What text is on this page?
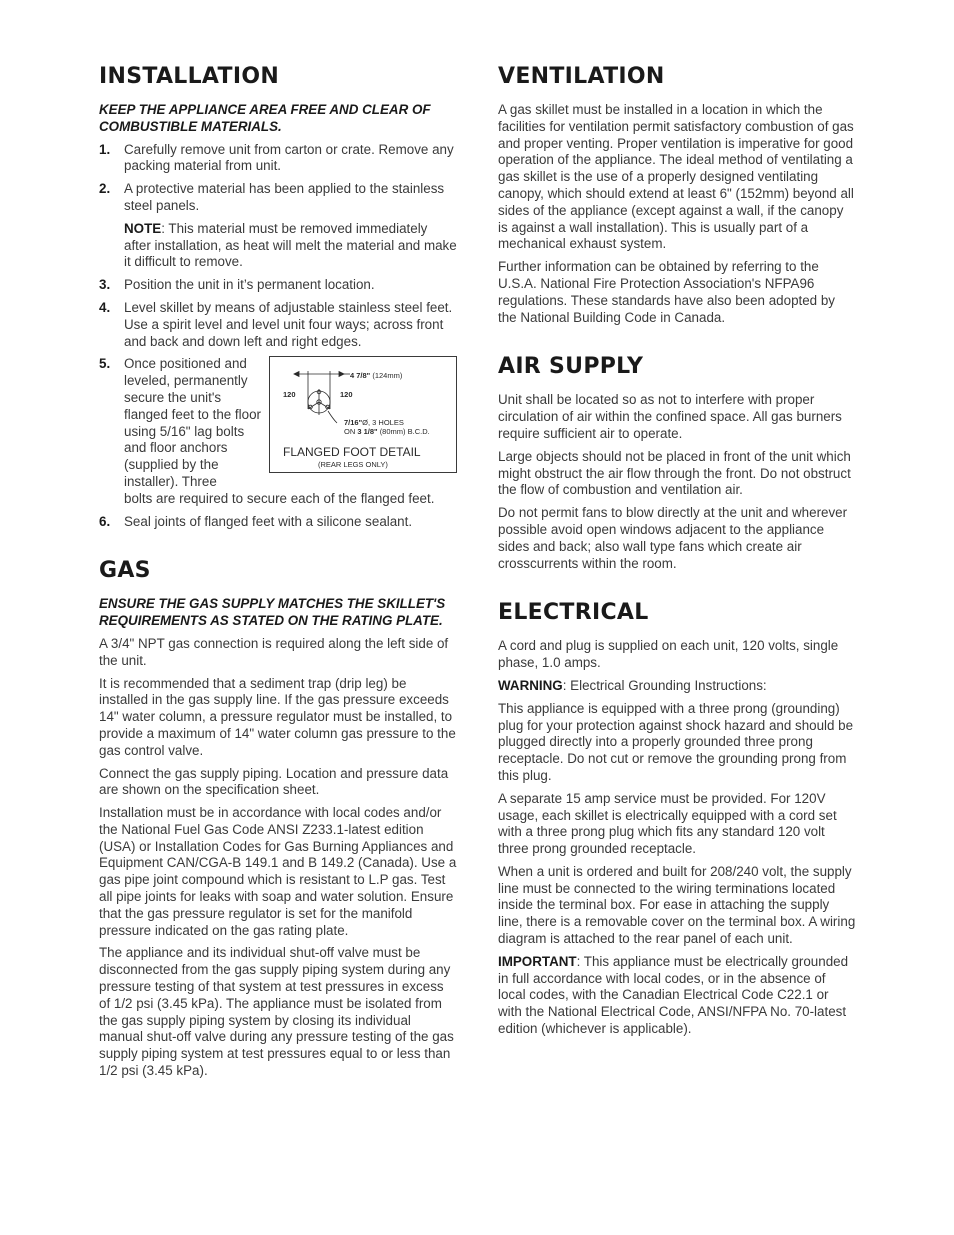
INSTALLATION

KEEP THE APPLIANCE AREA FREE AND CLEAR OF COMBUSTIBLE MATERIALS.

1. Carefully remove unit from carton or crate. Remove any packing material from unit.
2. A protective material has been applied to the stainless steel panels.
NOTE: This material must be removed immediately after installation, as heat will melt the material and make it difficult to remove.
3. Position the unit in it’s permanent location.
4. Level skillet by means of adjustable stainless steel feet. Use a spirit level and level unit four ways; across front and back and down left and right edges.
5.
4 7/8" (124mm)
120	120
7/16"Ø, 3 HOLES
ON 3 1/8" (80mm) B.C.D.
FLANGED FOOT DETAIL
(REAR LEGS ONLY)
Once positioned and leveled, permanently secure the unit's flanged feet to the floor using 5/16" lag bolts and floor anchors (supplied by the installer). Three
bolts are required to secure each of the flanged feet.
6. Seal joints of flanged feet with a silicone sealant.
GAS

ENSURE THE GAS SUPPLY MATCHES THE SKILLET'S REQUIREMENTS AS STATED ON THE RATING PLATE.

A 3/4" NPT gas connection is required along the left side of the unit.

It is recommended that a sediment trap (drip leg) be installed in the gas supply line. If the gas pressure exceeds 14" water column, a pressure regulator must be installed, to provide a maximum of 14" water column gas pressure to the gas control valve.

Connect the gas supply piping. Location and pressure data are shown on the specification sheet.

Installation must be in accordance with local codes and/or the National Fuel Gas Code ANSI Z233.1-latest edition (USA) or Installation Codes for Gas Burning Appliances and Equipment CAN/CGA-B 149.1 and B 149.2 (Canada). Use a gas pipe joint compound which is resistant to L.P gas. Test all pipe joints for leaks with soap and water solution. Ensure that the gas pressure regulator is set for the manifold pressure indicated on the gas rating plate.

The appliance and its individual shut-off valve must be disconnected from the gas supply piping system during any pressure testing of that system at test pressures in excess of 1/2 psi (3.45 kPa). The appliance must be isolated from the gas supply piping system by closing its individual manual shut-off valve during any pressure testing of the gas supply piping system at test pressures equal to or less than 1/2 psi (3.45 kPa).

VENTILATION

A gas skillet must be installed in a location in which the facilities for ventilation permit satisfactory combustion of gas and proper venting. Proper ventilation is imperative for good operation of the appliance. The ideal method of ventilating a gas skillet is the use of a properly designed ventilating canopy, which should extend at least 6" (152mm) beyond all sides of the appliance (except against a wall, if the canopy is against a wall installation). This is usually part of a mechanical exhaust system.

Further information can be obtained by referring to the U.S.A. National Fire Protection Association's NFPA96 regulations. These standards have also been adopted by the National Building Code in Canada.

AIR SUPPLY

Unit shall be located so as not to interfere with proper circulation of air within the confined space. All gas burners require sufficient air to operate.

Large objects should not be placed in front of the unit which might obstruct the air flow through the front. Do not obstruct the flow of combustion and ventilation air.

Do not permit fans to blow directly at the unit and wherever possible avoid open windows adjacent to the appliance sides and back; also wall type fans which create air crosscurrents within the room.

ELECTRICAL

A cord and plug is supplied on each unit, 120 volts, single phase, 1.0 amps.

WARNING: Electrical Grounding Instructions:

This appliance is equipped with a three prong (grounding) plug for your protection against shock hazard and should be plugged directly into a properly grounded three prong receptacle. Do not cut or remove the grounding prong from this plug.

A separate 15 amp service must be provided. For 120V usage, each skillet is electrically equipped with a cord set with a three prong plug which fits any standard 120 volt three prong grounded receptacle.

When a unit is ordered and built for 208/240 volt, the supply line must be connected to the wiring terminations located inside the terminal box. For ease in attaching the supply line, there is a removable cover on the terminal box. A wiring diagram is attached to the rear panel of each unit.

IMPORTANT: This appliance must be electrically grounded in full accordance with local codes, or in the absence of local codes, with the Canadian Electrical Code C22.1 or with the National Electrical Code, ANSI/NFPA No. 70-latest edition (whichever is applicable).
